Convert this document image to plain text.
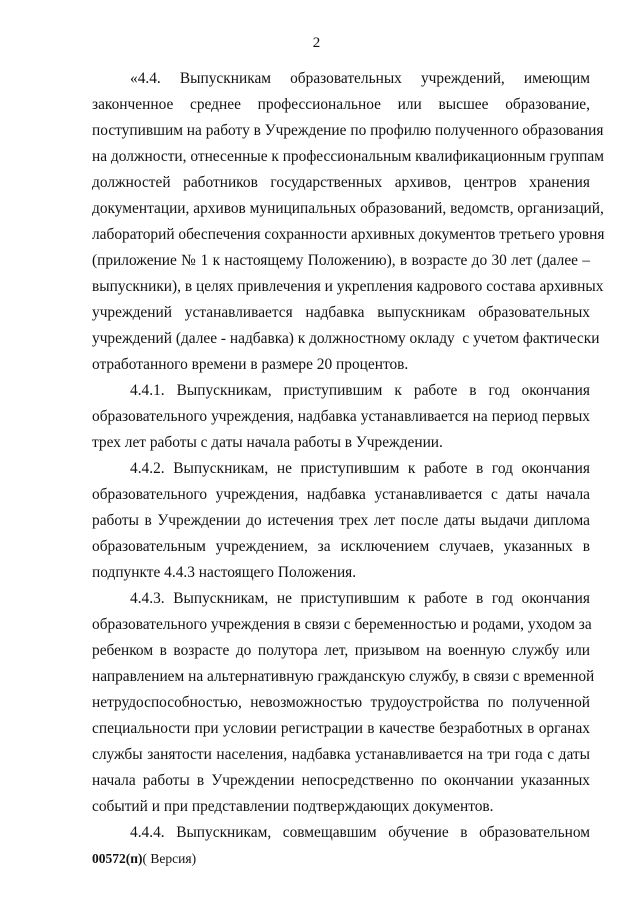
2

«4.4.    Выпускникам    образовательных    учреждений,    имеющим
законченное среднее профессиональное или высшее образование,
поступившим на работу в Учреждение по профилю полученного образования
на должности, отнесенные к профессиональным квалификационным группам
должностей работников государственных архивов, центров хранения
документации, архивов муниципальных образований, ведомств, организаций,
лабораторий обеспечения сохранности архивных документов третьего уровня
(приложение № 1 к настоящему Положению), в возрасте до 30 лет (далее –
выпускники), в целях привлечения и укрепления кадрового состава архивных
учреждений устанавливается надбавка выпускникам образовательных
учреждений (далее - надбавка) к должностному окладу  с учетом фактически
отработанного времени в размере 20 процентов.

4.4.1. Выпускникам, приступившим к работе в год окончания
образовательного учреждения, надбавка устанавливается на период первых
трех лет работы с даты начала работы в Учреждении.

4.4.2. Выпускникам, не приступившим к работе в год окончания
образовательного учреждения, надбавка устанавливается с даты начала
работы в Учреждении до истечения трех лет после даты выдачи диплома
образовательным учреждением, за исключением случаев, указанных в
подпункте 4.4.3 настоящего Положения.

4.4.3. Выпускникам, не приступившим к работе в год окончания
образовательного учреждения в связи с беременностью и родами, уходом за
ребенком в возрасте до полутора лет, призывом на военную службу или
направлением на альтернативную гражданскую службу, в связи с временной
нетрудоспособностью, невозможностью трудоустройства по полученной
специальности при условии регистрации в качестве безработных в органах
службы занятости населения, надбавка устанавливается на три года с даты
начала работы в Учреждении непосредственно по окончании указанных
событий и при представлении подтверждающих документов.

4.4.4. Выпускникам, совмещавшим обучение в образовательном

00572(п)( Версия)
